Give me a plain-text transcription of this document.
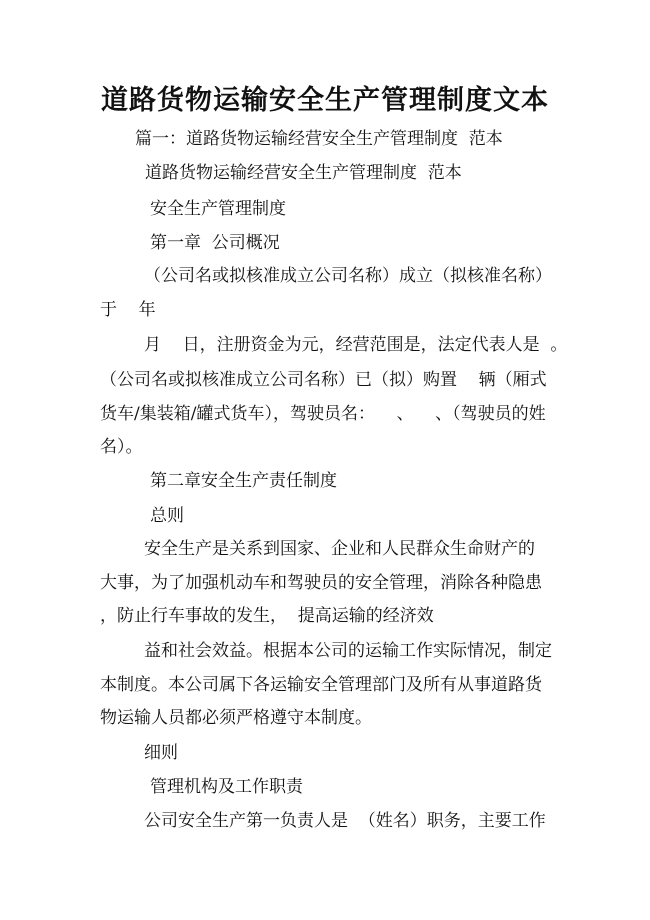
道路货物运输安全生产管理制度文本

篇一：道路货物运输经营安全生产管理制度  范本

道路货物运输经营安全生产管理制度  范本

安全生产管理制度

第一章  公司概况

（公司名或拟核准成立公司名称）成立（拟核准名称）

于    年

月    日，注册资金为元，经营范围是，法定代表人是  。

（公司名或拟核准成立公司名称）已（拟）购置    辆（厢式

货车/集装箱/罐式货车），驾驶员名：    、    、（驾驶员的姓

名）。

第二章安全生产责任制度

总则

安全生产是关系到国家、企业和人民群众生命财产的

大事，为了加强机动车和驾驶员的安全管理，消除各种隐患

，防止行车事故的发生，  提高运输的经济效

益和社会效益。根据本公司的运输工作实际情况，制定

本制度。本公司属下各运输安全管理部门及所有从事道路货

物运输人员都必须严格遵守本制度。

细则

管理机构及工作职责

公司安全生产第一负责人是  （姓名）职务，主要工作
